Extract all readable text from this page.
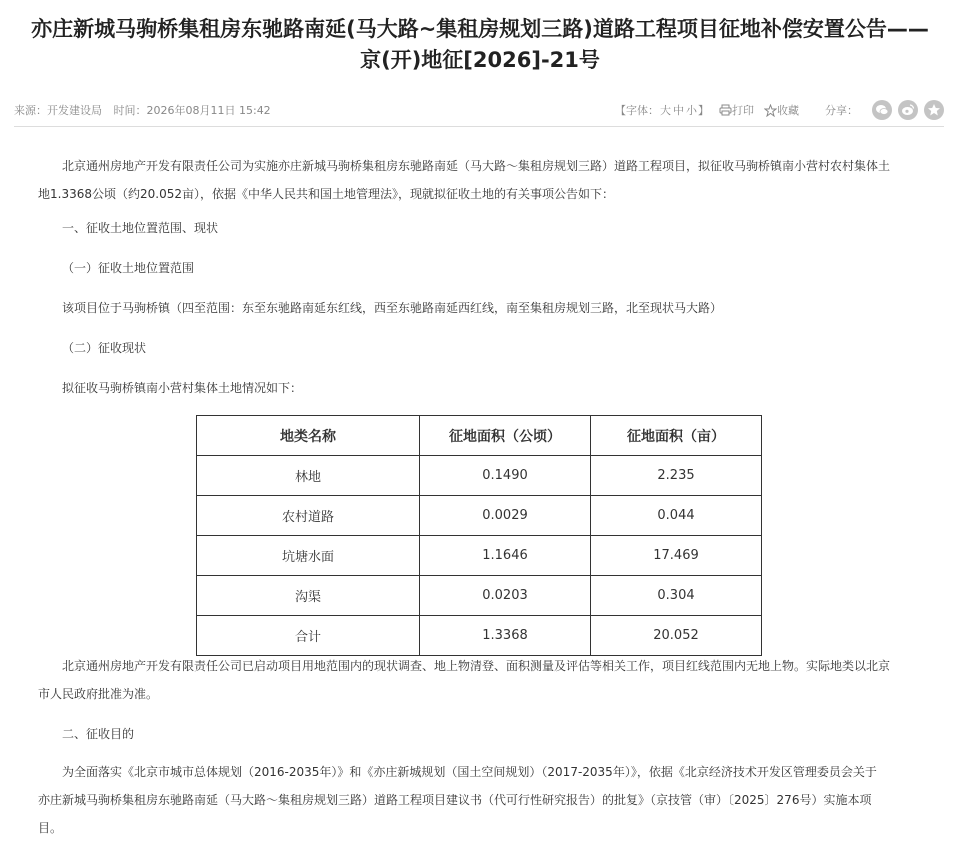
亦庄新城马驹桥集租房东驰路南延(马大路~集租房规划三路)道路工程项目征地补偿安置公告——
京(开)地征[2026]-21号
来源：开发建设局 时间：2026年08月11日 15:42	【字体： 大 中 小 】 打印 收藏 分享：

北京通州房地产开发有限责任公司为实施亦庄新城马驹桥集租房东驰路南延（马大路～集租房规划三路）道路工程项目，拟征收马驹桥镇南小营村农村集体土
地1.3368公顷（约20.052亩），依据《中华人民共和国土地管理法》，现就拟征收土地的有关事项公告如下：

一、征收土地位置范围、现状

（一）征收土地位置范围

该项目位于马驹桥镇（四至范围：东至东驰路南延东红线，西至东驰路南延西红线，南至集租房规划三路，北至现状马大路）

（二）征收现状

拟征收马驹桥镇南小营村集体土地情况如下：

地类名称	征地面积（公顷）	征地面积（亩）
林地	0.1490	2.235
农村道路	0.0029	0.044
坑塘水面	1.1646	17.469
沟渠	0.0203	0.304
合计	1.3368	20.052

北京通州房地产开发有限责任公司已启动项目用地范围内的现状调查、地上物清登、面积测量及评估等相关工作，项目红线范围内无地上物。实际地类以北京
市人民政府批准为准。

二、征收目的

为全面落实《北京市城市总体规划（2016-2035年）》和《亦庄新城规划（国土空间规划）（2017-2035年）》，依据《北京经济技术开发区管理委员会关于
亦庄新城马驹桥集租房东驰路南延（马大路～集租房规划三路）道路工程项目建议书（代可行性研究报告）的批复》（京技管（审）〔2025〕276号）实施本项
目。
